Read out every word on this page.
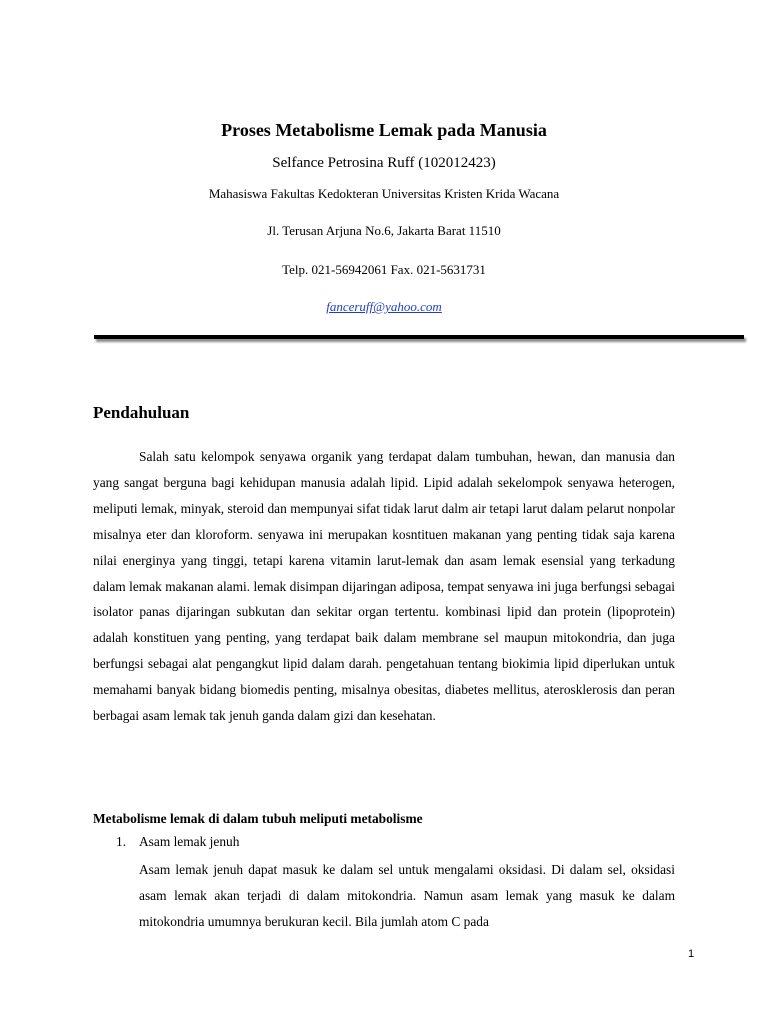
Proses Metabolisme Lemak pada Manusia
Selfance Petrosina Ruff (102012423)
Mahasiswa Fakultas Kedokteran Universitas Kristen Krida Wacana
Jl. Terusan Arjuna No.6, Jakarta Barat 11510
Telp. 021-56942061 Fax. 021-5631731
fanceruff@yahoo.com
Pendahuluan
Salah satu kelompok senyawa organik yang terdapat dalam tumbuhan, hewan, dan manusia dan yang sangat berguna bagi kehidupan manusia adalah lipid. Lipid adalah sekelompok senyawa heterogen, meliputi lemak, minyak, steroid dan mempunyai sifat tidak larut dalm air tetapi larut dalam pelarut nonpolar misalnya eter dan kloroform. senyawa ini merupakan kosntituen makanan yang penting tidak saja karena nilai energinya yang tinggi, tetapi karena vitamin larut-lemak dan asam lemak esensial yang terkadung dalam lemak makanan alami. lemak disimpan dijaringan adiposa, tempat senyawa ini juga berfungsi sebagai isolator panas dijaringan subkutan dan sekitar organ tertentu. kombinasi lipid dan protein (lipoprotein) adalah konstituen yang penting, yang terdapat baik dalam membrane sel maupun mitokondria, dan juga berfungsi sebagai alat pengangkut lipid dalam darah. pengetahuan tentang biokimia lipid diperlukan untuk memahami banyak bidang biomedis penting, misalnya obesitas, diabetes mellitus, aterosklerosis dan peran berbagai asam lemak tak jenuh ganda dalam gizi dan kesehatan.
Metabolisme lemak di dalam tubuh meliputi metabolisme
1. Asam lemak jenuh
Asam lemak jenuh dapat masuk ke dalam sel untuk mengalami oksidasi. Di dalam sel, oksidasi asam lemak akan terjadi di dalam mitokondria. Namun asam lemak yang masuk ke dalam mitokondria umumnya berukuran kecil. Bila jumlah atom C pada
1
